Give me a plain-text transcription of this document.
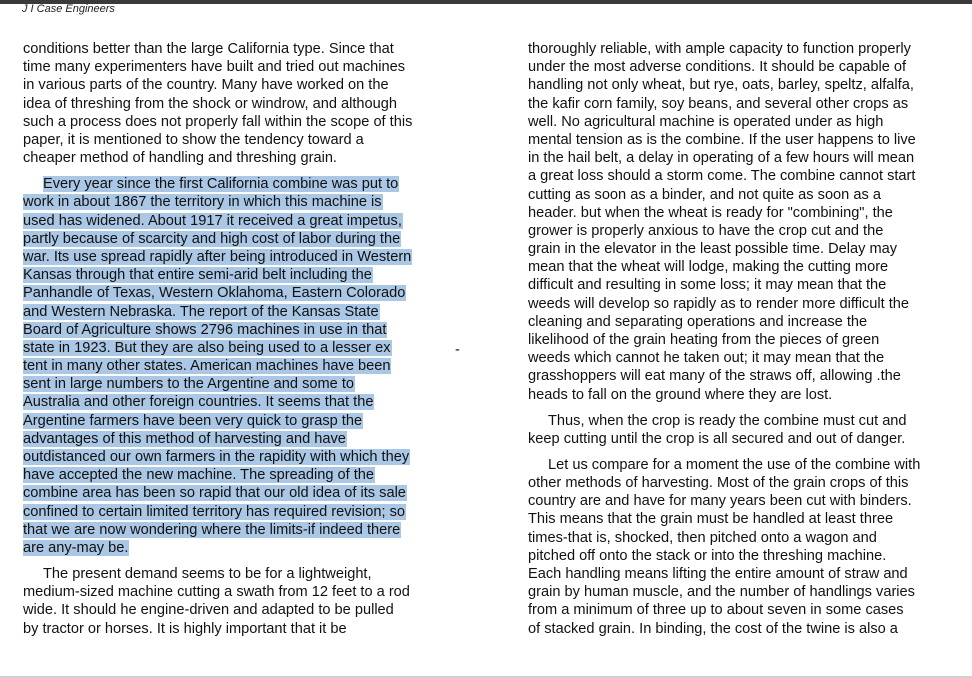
J I Case Engineers
conditions better than the large California type. Since that
time many experimenters have built and tried out machines
in various parts of the country. Many have worked on the
idea of threshing from the shock or windrow, and although
such a process does not properly fall within the scope of this
paper, it is mentioned to show the tendency toward a
cheaper method of handling and threshing grain.
Every year since the first California combine was put to
work in about 1867 the territory in which this machine is
used has widened. About 1917 it received a great impetus,
partly because of scarcity and high cost of labor during the
war. Its use spread rapidly after being introduced in Western
Kansas through that entire semi-arid belt including the
Panhandle of Texas, Western Oklahoma, Eastern Colorado
and Western Nebraska. The report of the Kansas State
Board of Agriculture shows 2796 machines in use in that
state in 1923. But they are also being used to a lesser ex
tent in many other states. American machines have been
sent in large numbers to the Argentine and some to
Australia and other foreign countries. It seems that the
Argentine farmers have been very quick to grasp the
advantages of this method of harvesting and have
outdistanced our own farmers in the rapidity with which they
have accepted the new machine. The spreading of the
combine area has been so rapid that our old idea of its sale
confined to certain limited territory has required revision; so
that we are now wondering where the limits-if indeed there
are any-may be.
The present demand seems to be for a lightweight,
medium-sized machine cutting a swath from 12 feet to a rod
wide. It should he engine-driven and adapted to be pulled
by tractor or horses. It is highly important that it be
-
thoroughly reliable, with ample capacity to function properly
under the most adverse conditions. It should be capable of
handling not only wheat, but rye, oats, barley, speltz, alfalfa,
the kafir corn family, soy beans, and several other crops as
well. No agricultural machine is operated under as high
mental tension as is the combine. If the user happens to live
in the hail belt, a delay in operating of a few hours will mean
a great loss should a storm come. The combine cannot start
cutting as soon as a binder, and not quite as soon as a
header. but when the wheat is ready for "combining", the
grower is properly anxious to have the crop cut and the
grain in the elevator in the least possible time. Delay may
mean that the wheat will lodge, making the cutting more
difficult and resulting in some loss; it may mean that the
weeds will develop so rapidly as to render more difficult the
cleaning and separating operations and increase the
likelihood of the grain heating from the pieces of green
weeds which cannot he taken out; it may mean that the
grasshoppers will eat many of the straws off, allowing .the
heads to fall on the ground where they are lost.
Thus, when the crop is ready the combine must cut and
keep cutting until the crop is all secured and out of danger.
Let us compare for a moment the use of the combine with
other methods of harvesting. Most of the grain crops of this
country are and have for many years been cut with binders.
This means that the grain must be handled at least three
times-that is, shocked, then pitched onto a wagon and
pitched off onto the stack or into the threshing machine.
Each handling means lifting the entire amount of straw and
grain by human muscle, and the number of handlings varies
from a minimum of three up to about seven in some cases
of stacked grain. In binding, the cost of the twine is also a
